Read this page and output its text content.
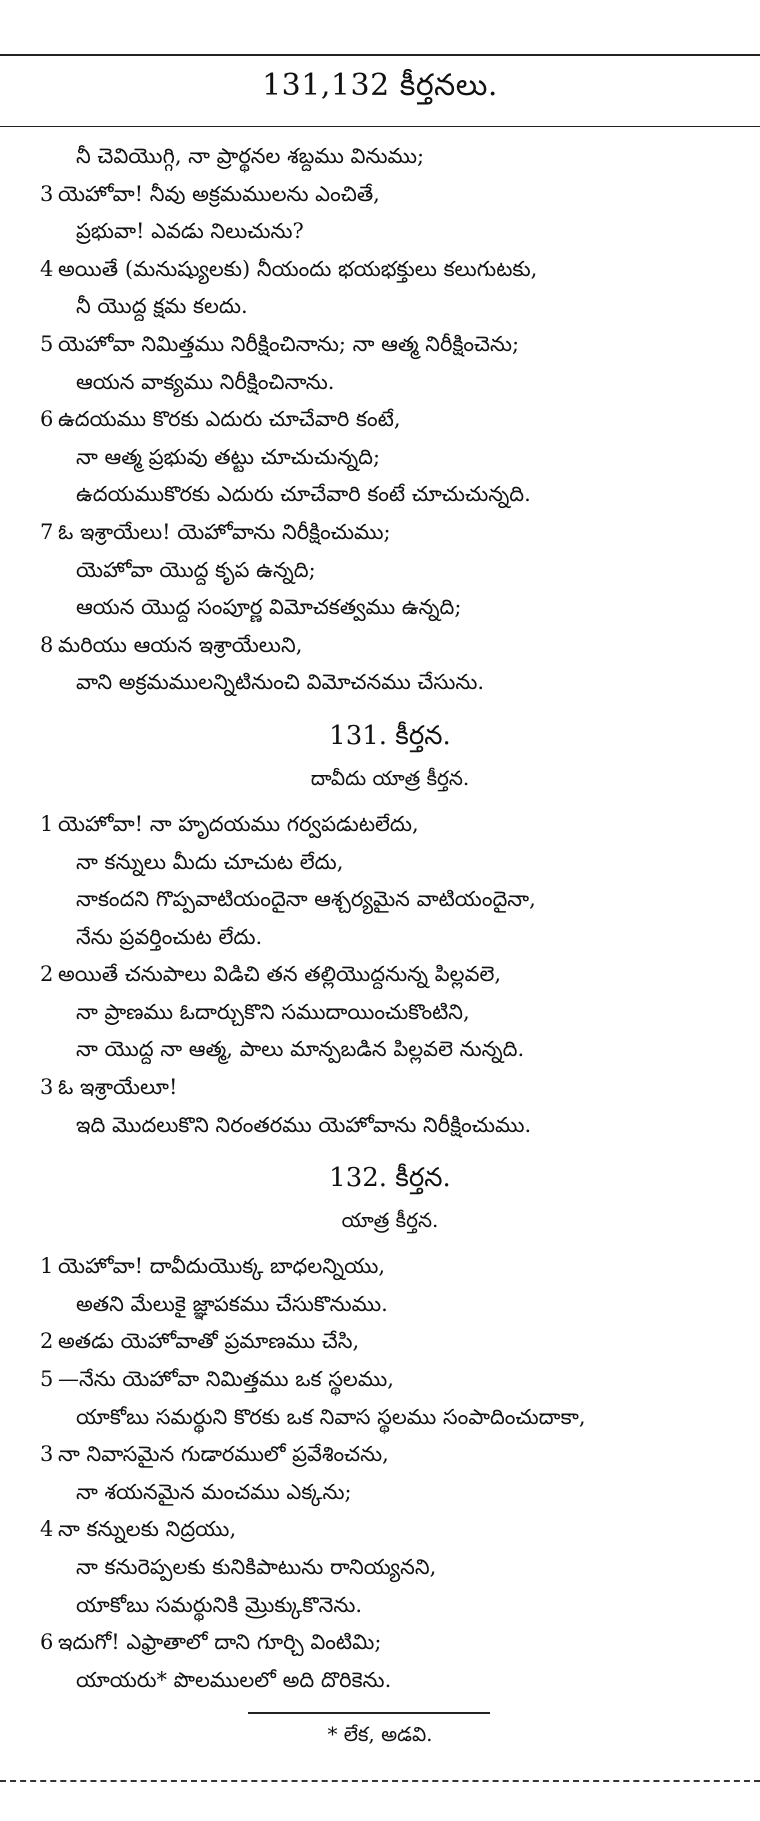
131,132 కీర్తనలు.
నీ చెవియొగ్గి, నా ప్రార్థనల శబ్దము వినుము;
3 యెహోవా! నీవు అక్రమములను ఎంచితే,
ప్రభువా! ఎవడు నిలుచును?
4 అయితే (మనుష్యులకు) నీయందు భయభక్తులు కలుగుటకు,
నీ యొద్ద క్షమ కలదు.
5 యెహోవా నిమిత్తము నిరీక్షించినాను; నా ఆత్మ నిరీక్షించెను;
ఆయన వాక్యము నిరీక్షించినాను.
6 ఉదయము కొరకు ఎదురు చూచేవారి కంటే,
నా ఆత్మ ప్రభువు తట్టు చూచుచున్నది;
ఉదయముకొరకు ఎదురు చూచేవారి కంటే చూచుచున్నది.
7 ఓ ఇశ్రాయేలు! యెహోవాను నిరీక్షించుము;
యెహోవా యొద్ద కృప ఉన్నది;
ఆయన యొద్ద సంపూర్ణ విమోచకత్వము ఉన్నది;
8 మరియు ఆయన ఇశ్రాయేలుని,
వాని అక్రమములన్నిటినుంచి విమోచనము చేసును.
131. కీర్తన.
దావీదు యాత్ర కీర్తన.
1 యెహోవా! నా హృదయము గర్వపడుటలేదు,
నా కన్నులు మీదు చూచుట లేదు,
నాకందని గొప్పవాటియందైనా ఆశ్చర్యమైన వాటియందైనా,
నేను ప్రవర్తించుట లేదు.
2 అయితే చనుపాలు విడిచి తన తల్లియొద్దనున్న పిల్లవలె,
నా ప్రాణము ఓదార్చుకొని సముదాయించుకొంటిని,
నా యొద్ద నా ఆత్మ, పాలు మాన్పబడిన పిల్లవలె నున్నది.
3 ఓ ఇశ్రాయేలూ!
ఇది మొదలుకొని నిరంతరము యెహోవాను నిరీక్షించుము.
132. కీర్తన.
యాత్ర కీర్తన.
1 యెహోవా! దావీదుయొక్క బాధలన్నియు,
అతని మేలుకై జ్ఞాపకము చేసుకొనుము.
2 అతడు యెహోవాతో ప్రమాణము చేసి,
5 —నేను యెహోవా నిమిత్తము ఒక స్థలము,
యాకోబు సమర్థుని కొరకు ఒక నివాస స్థలము సంపాదించుదాకా,
3 నా నివాసమైన గుడారములో ప్రవేశించను,
నా శయనమైన మంచము ఎక్కను;
4 నా కన్నులకు నిద్రయు,
నా కనురెప్పలకు కునికిపాటును రానియ్యనని,
యాకోబు సమర్థునికి మ్రొక్కుకొనెను.
6 ఇదుగో! ఎఫ్రాతాలో దాని గూర్చి వింటిమి;
యాయరు* పొలములలో అది దొరికెను.
* లేక, అడవి.
